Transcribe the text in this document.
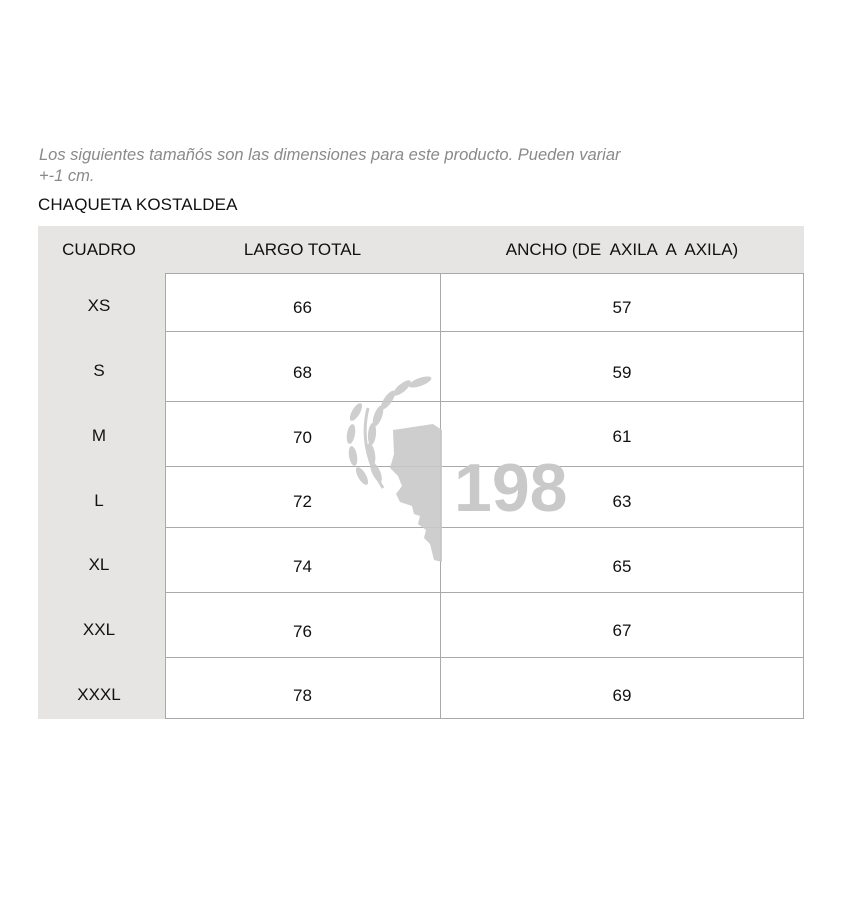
Los siguientes tamañós son las dimensiones para este producto. Pueden variar
+-1 cm.
CHAQUETA KOSTALDEA
CUADRO	LARGO TOTAL	ANCHO (DE  AXILA  A  AXILA)
XS	66	57
S	68	59
M	70	61
L	72	63
XL	74	65
XXL	76	67
XXXL	78	69
198
